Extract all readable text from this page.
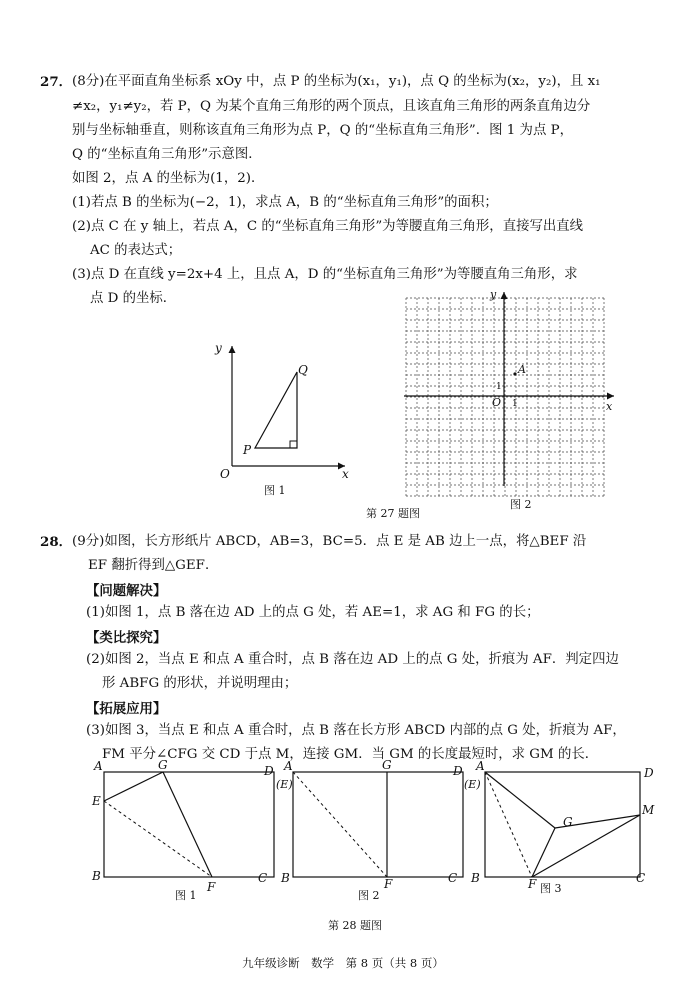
27． (8分)在平面直角坐标系 xOy 中，点 P 的坐标为(x₁，y₁)，点 Q 的坐标为(x₂，y₂)，且 x₁
≠x₂，y₁≠y₂，若 P，Q 为某个直角三角形的两个顶点，且该直角三角形的两条直角边分
别与坐标轴垂直，则称该直角三角形为点 P，Q 的“坐标直角三角形”．图 1 为点 P，
Q 的“坐标直角三角形”示意图．
如图 2，点 A 的坐标为(1，2)．
(1)若点 B 的坐标为(−2，1)，求点 A，B 的“坐标直角三角形”的面积；
(2)点 C 在 y 轴上，若点 A，C 的“坐标直角三角形”为等腰直角三角形，直接写出直线
AC 的表达式；
(3)点 D 在直线 y=2x+4 上，且点 A，D 的“坐标直角三角形”为等腰直角三角形，求
点 D 的坐标．
y
x
O
P
Q
图 1
A
O 1
1
y
x
图 2
第 27 题图
28． (9分)如图，长方形纸片 ABCD，AB=3，BC=5．点 E 是 AB 边上一点，将△BEF 沿
EF 翻折得到△GEF．
【问题解决】
(1)如图 1，点 B 落在边 AD 上的点 G 处，若 AE=1，求 AG 和 FG 的长；
【类比探究】
(2)如图 2，当点 E 和点 A 重合时，点 B 落在边 AD 上的点 G 处，折痕为 AF．判定四边
形 ABFG 的形状，并说明理由；
【拓展应用】
(3)如图 3，当点 E 和点 A 重合时，点 B 落在长方形 ABCD 内部的点 G 处，折痕为 AF，
FM 平分∠CFG 交 CD 于点 M，连接 GM．当 GM 的长度最短时，求 GM 的长．
A	G	D
E
B
F
C
图 1
A
(E)
G	D
B	F	C
图 2
A
(E)
D
G
M
B	F	C
图 3
第 28 题图
九年级诊断　数学　第 8 页（共 8 页）
